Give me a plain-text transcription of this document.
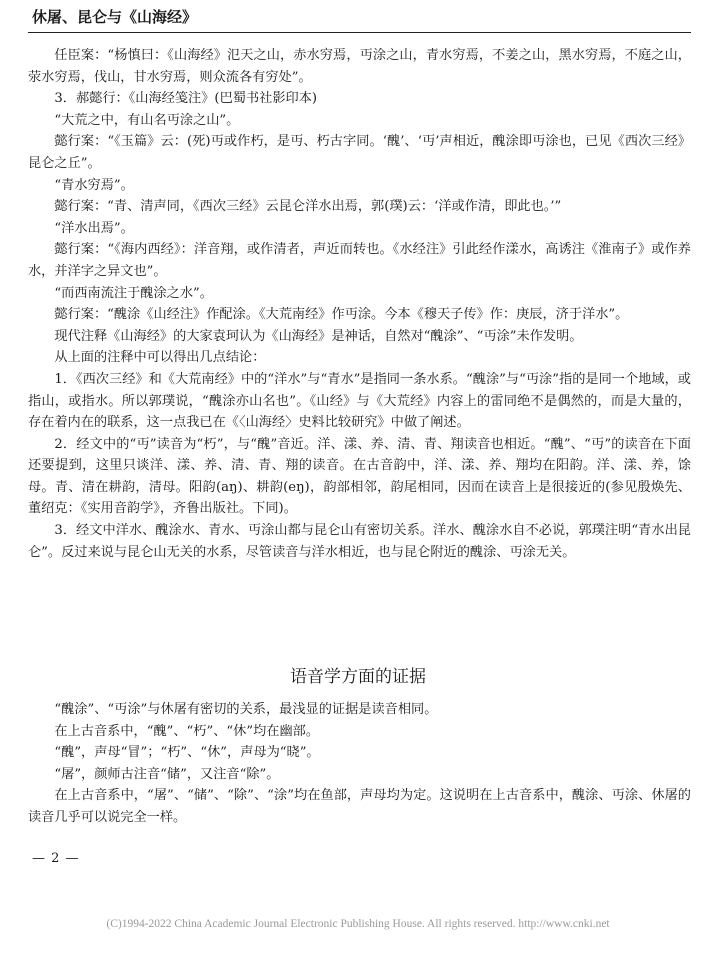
休屠、昆仑与《山海经》

任臣案：“杨慎曰：《山海经》氾天之山，赤水穷焉，丏涂之山，青水穷焉，不姜之山，黑水穷焉，不庭之山，荥水穷焉，伐山，甘水穷焉，则众流各有穷处”。

3．郝懿行：《山海经笺注》(巴蜀书社影印本)

“大荒之中，有山名丏涂之山”。

懿行案：“《玉篇》云：(死)丏或作朽，是丏、朽古字同。‘醜’、‘丏’声相近，醜涂即丏涂也，已见《西次三经》昆仑之丘”。

“青水穷焉”。

懿行案：“青、清声同，《西次三经》云昆仑洋水出焉，郭(璞)云：‘洋或作清，即此也。’”

“洋水出焉”。

懿行案：“《海内西经》：洋音翔，或作清者，声近而转也。《水经注》引此经作漾水，高诱注《淮南子》或作养水，并洋字之异文也”。

“而西南流注于醜涂之水”。

懿行案：“醜涂《山经注》作配涂。《大荒南经》作丏涂。今本《穆天子传》作：庚辰，济于洋水”。

现代注释《山海经》的大家袁珂认为《山海经》是神话，自然对“醜涂”、“丏涂”未作发明。

从上面的注释中可以得出几点结论：

1．《西次三经》和《大荒南经》中的“洋水”与“青水”是指同一条水系。“醜涂”与“丏涂”指的是同一个地域，或指山，或指水。所以郭璞说，“醜涂亦山名也”。《山经》与《大荒经》内容上的雷同绝不是偶然的，而是大量的，存在着内在的联系，这一点我已在《〈山海经〉史料比较研究》中做了阐述。

2．经文中的“丏”读音为“朽”，与“醜”音近。洋、漾、养、清、青、翔读音也相近。“醜”、“丏”的读音在下面还要提到，这里只谈洋、漾、养、清、青、翔的读音。在古音韵中，洋、漾、养、翔均在阳韵。洋、漾、养，馀母。青、清在耕韵，清母。阳韵(aŋ)、耕韵(eŋ)，韵部相邻，韵尾相同，因而在读音上是很接近的(参见殷焕先、董绍克：《实用音韵学》，齐鲁出版社。下同)。

3．经文中洋水、醜涂水、青水、丏涂山都与昆仑山有密切关系。洋水、醜涂水自不必说，郭璞注明“青水出昆仑”。反过来说与昆仑山无关的水系，尽管读音与洋水相近，也与昆仑附近的醜涂、丏涂无关。

语音学方面的证据

“醜涂”、“丏涂”与休屠有密切的关系，最浅显的证据是读音相同。

在上古音系中，“醜”、“朽”、“休”均在幽部。

“醜”，声母“冒”；“朽”、“休”，声母为“晓”。

“屠”，颜师古注音“储”，又注音“除”。

在上古音系中，“屠”、“储”、“除”、“涂”均在鱼部，声母均为定。这说明在上古音系中，醜涂、丏涂、休屠的读音几乎可以说完全一样。

— 2 —
(C)1994-2022 China Academic Journal Electronic Publishing House. All rights reserved. http://www.cnki.net
